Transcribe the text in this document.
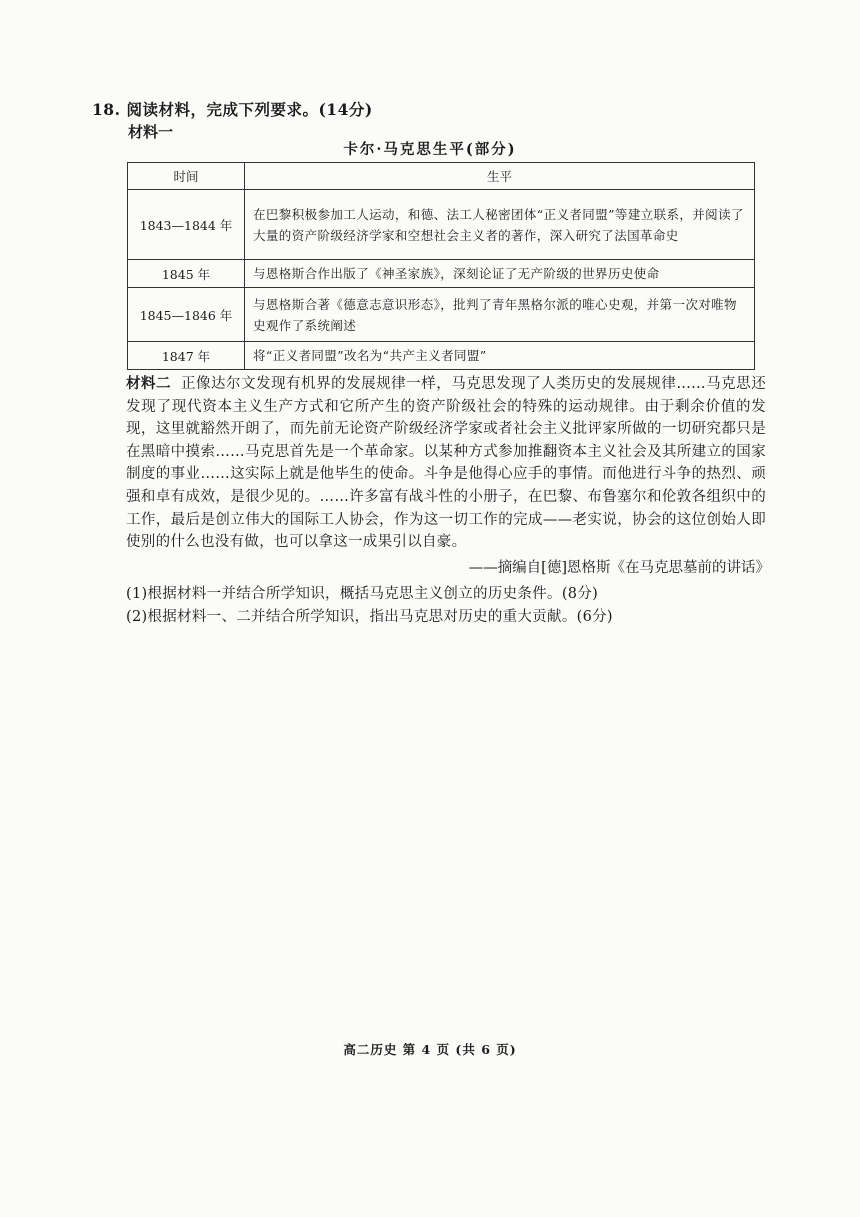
18. 阅读材料，完成下列要求。(14分)
材料一
卡尔·马克思生平(部分)
时间	生平
1843—1844 年	在巴黎积极参加工人运动，和德、法工人秘密团体“正义者同盟”等建立联系，并阅读了大量的资产阶级经济学家和空想社会主义者的著作，深入研究了法国革命史
1845 年	与恩格斯合作出版了《神圣家族》，深刻论证了无产阶级的世界历史使命
1845—1846 年	与恩格斯合著《德意志意识形态》，批判了青年黑格尔派的唯心史观，并第一次对唯物史观作了系统阐述
1847 年	将“正义者同盟”改名为“共产主义者同盟”
材料二 正像达尔文发现有机界的发展规律一样，马克思发现了人类历史的发展规律……马克思还发现了现代资本主义生产方式和它所产生的资产阶级社会的特殊的运动规律。由于剩余价值的发现，这里就豁然开朗了，而先前无论资产阶级经济学家或者社会主义批评家所做的一切研究都只是在黑暗中摸索……马克思首先是一个革命家。以某种方式参加推翻资本主义社会及其所建立的国家制度的事业……这实际上就是他毕生的使命。斗争是他得心应手的事情。而他进行斗争的热烈、顽强和卓有成效，是很少见的。……许多富有战斗性的小册子，在巴黎、布鲁塞尔和伦敦各组织中的工作，最后是创立伟大的国际工人协会，作为这一切工作的完成——老实说，协会的这位创始人即使别的什么也没有做，也可以拿这一成果引以自豪。
——摘编自[德]恩格斯《在马克思墓前的讲话》
(1)根据材料一并结合所学知识，概括马克思主义创立的历史条件。(8分)
(2)根据材料一、二并结合所学知识，指出马克思对历史的重大贡献。(6分)
高二历史 第 4 页 (共 6 页)
